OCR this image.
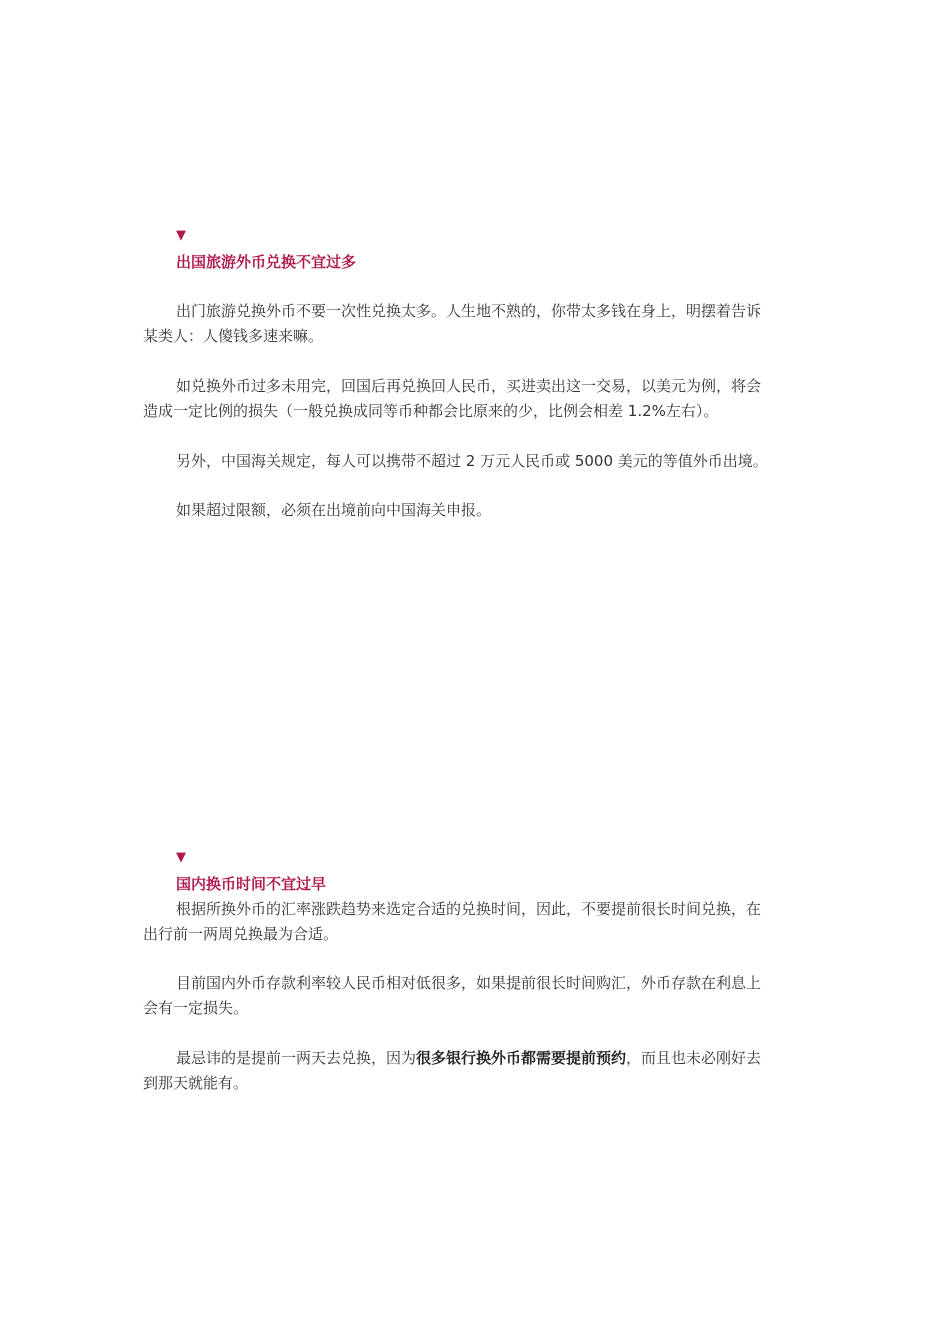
▼
出国旅游外币兑换不宜过多

出门旅游兑换外币不要一次性兑换太多。人生地不熟的，你带太多钱在身上，明摆着告诉
某类人：人傻钱多速来嘛。

如兑换外币过多未用完，回国后再兑换回人民币，买进卖出这一交易，以美元为例，将会
造成一定比例的损失（一般兑换成同等币种都会比原来的少，比例会相差 1.2%左右）。

另外，中国海关规定，每人可以携带不超过 2 万元人民币或 5000 美元的等值外币出境。

如果超过限额，必须在出境前向中国海关申报。

▼
国内换币时间不宜过早

根据所换外币的汇率涨跌趋势来选定合适的兑换时间，因此，不要提前很长时间兑换，在
出行前一两周兑换最为合适。

目前国内外币存款利率较人民币相对低很多，如果提前很长时间购汇，外币存款在利息上
会有一定损失。

最忌讳的是提前一两天去兑换，因为很多银行换外币都需要提前预约，而且也未必刚好去
到那天就能有。
